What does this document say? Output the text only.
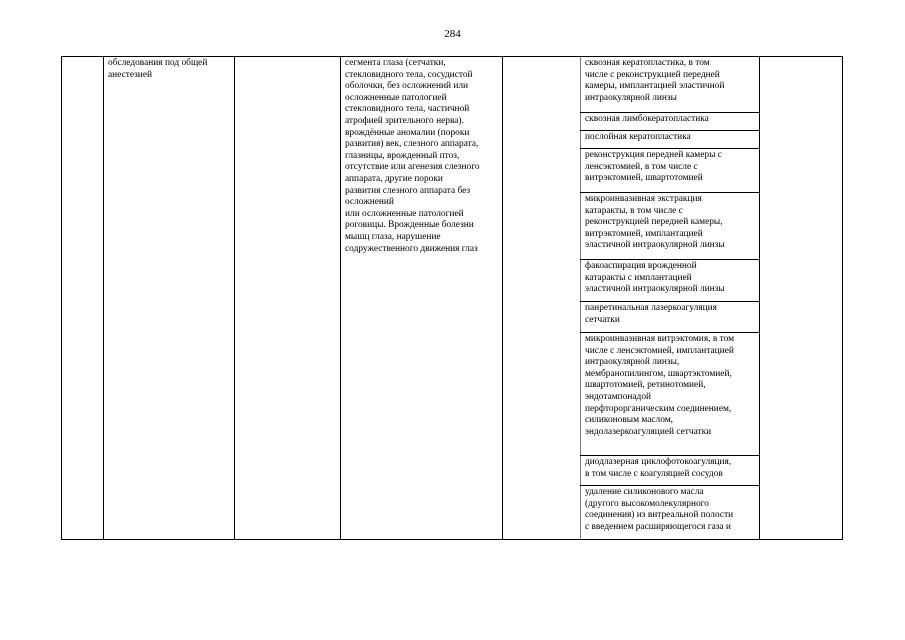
284
обследования под общей
анестезией
сегмента глаза (сетчатки,
стекловидного тела, сосудистой
оболочки, без осложнений или
осложненные патологией
стекловидного тела, частичной
атрофией зрительного нерва).
врождённые аномалии (пороки
развития) век, слезного аппарата,
глазницы, врожденный птоз,
отсутствие или агенезия слезного
аппарата, другие пороки
развития слезного аппарата без
осложнений
или осложненные патологией
роговицы. Врожденные болезни
мышц глаза, нарушение
содружественного движения глаз
сквозная кератопластика, в том
числе с реконструкцией передней
камеры, имплантацией эластичной
интраокулярной линзы
сквозная лимбокератопластика
послойная кератопластика
реконструкция передней камеры с
ленсэктомией, в том числе с
витрэктомией, швартотомией
микроинвазивная экстракция
катаракты, в том числе с
реконструкцией передней камеры,
витрэктомией, имплантацией
эластичной интраокулярной линзы
факоаспирация врожденной
катаракты с имплантацией
эластичной интраокулярной линзы
панретинальная лазеркоагуляция
сетчатки
микроинвазивная витрэктомия, в том
числе с ленсэктомией, имплантацией
интраокулярной линзы,
мембранопилингом, швартэктомией,
швартотомией, ретинотомией,
эндотампонадой
перфторорганическим соединением,
силиконовым маслом,
эндолазеркоагуляцией сетчатки
диодлазерная циклофотокоагуляция,
в том числе с коагуляцией сосудов
удаление силиконового масла
(другого высокомолекулярного
соединения) из витреальной полости
с введением расширяющегося газа и
